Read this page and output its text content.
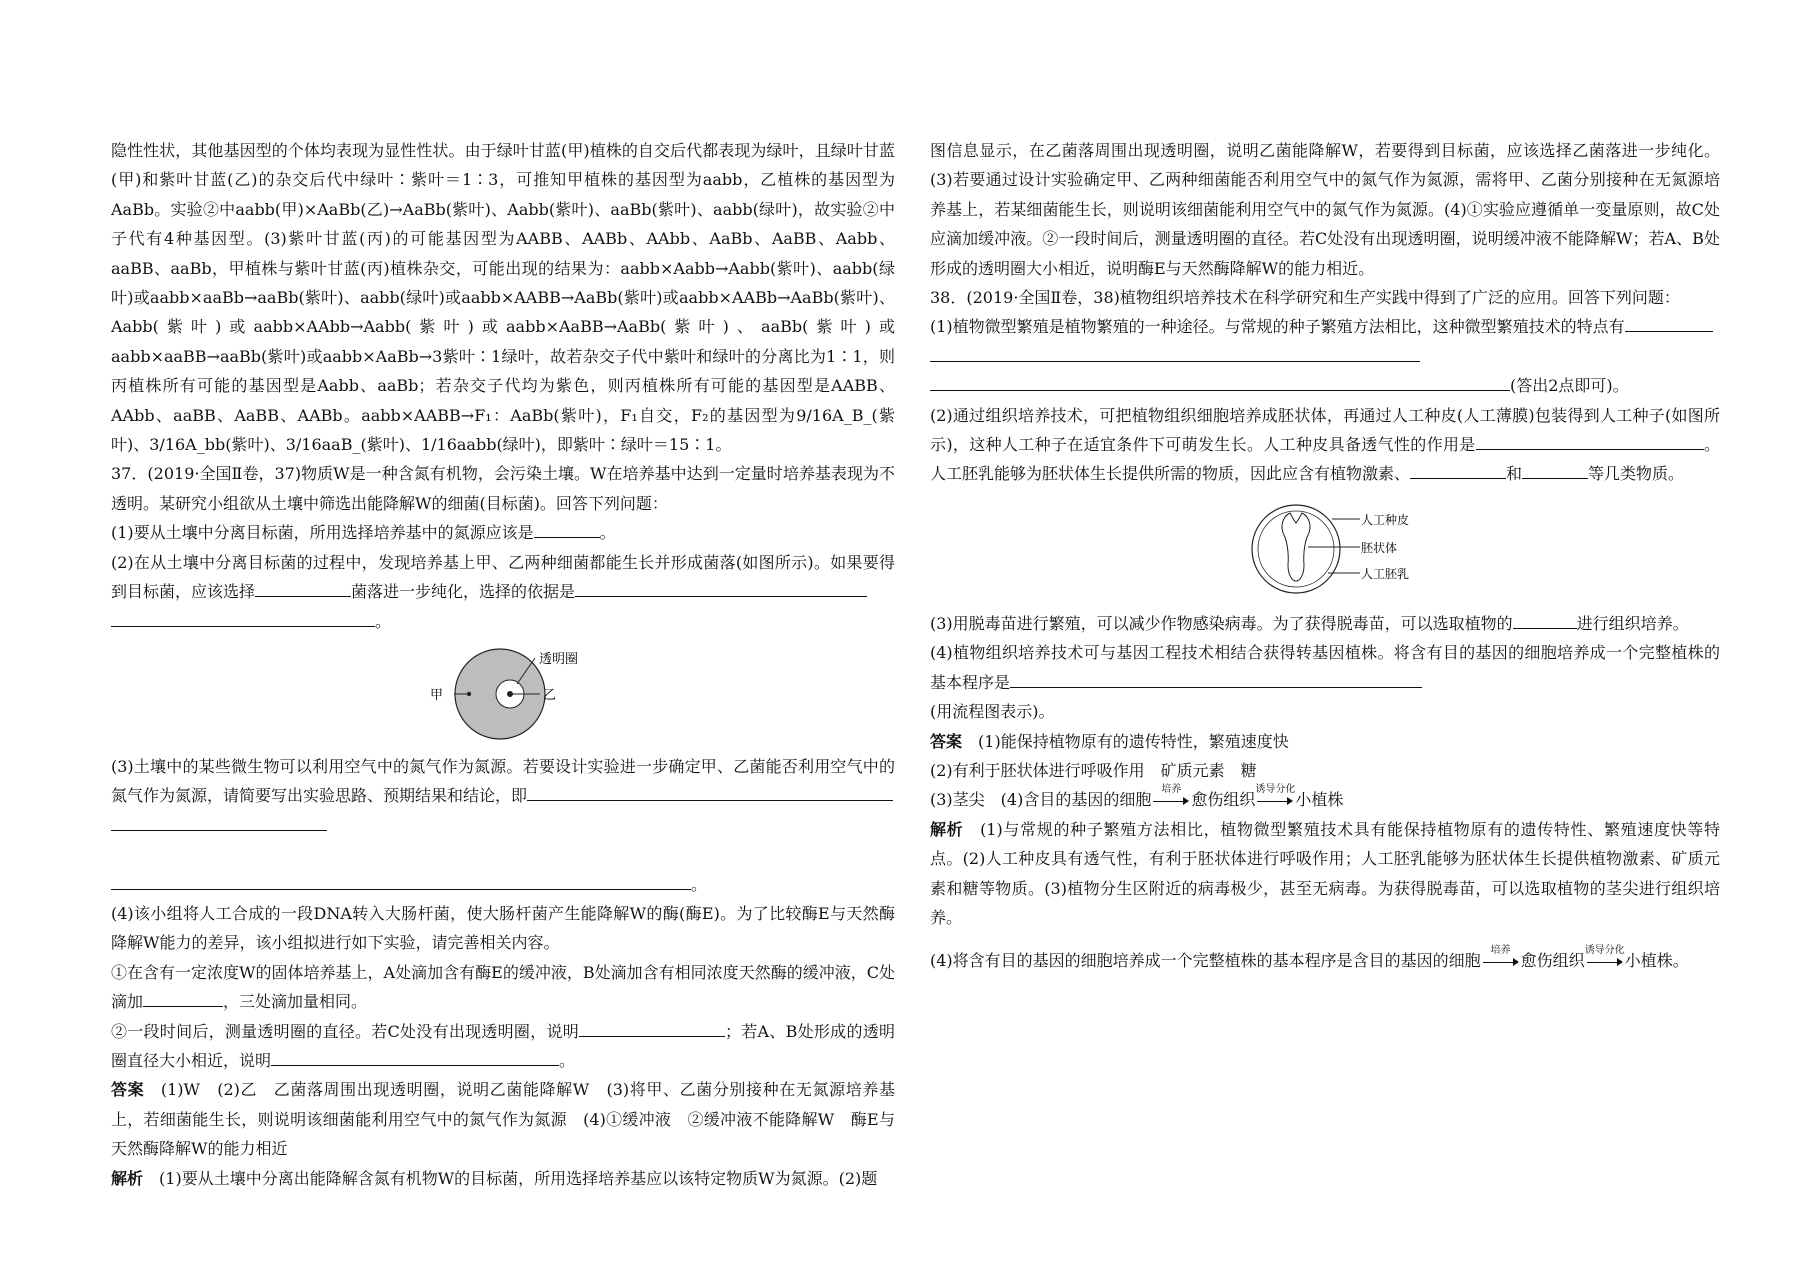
隐性性状，其他基因型的个体均表现为显性性状。由于绿叶甘蓝(甲)植株的自交后代都表现为绿叶，且绿叶甘蓝(甲)和紫叶甘蓝(乙)的杂交后代中绿叶∶紫叶＝1∶3，可推知甲植株的基因型为aabb，乙植株的基因型为AaBb。实验②中aabb(甲)×AaBb(乙)→AaBb(紫叶)、Aabb(紫叶)、aaBb(紫叶)、aabb(绿叶)，故实验②中子代有4种基因型。(3)紫叶甘蓝(丙)的可能基因型为AABB、AABb、AAbb、AaBb、AaBB、Aabb、aaBB、aaBb，甲植株与紫叶甘蓝(丙)植株杂交，可能出现的结果为：aabb×Aabb→Aabb(紫叶)、aabb(绿叶)或aabb×aaBb→aaBb(紫叶)、aabb(绿叶)或aabb×AABB→AaBb(紫叶)或aabb×AABb→AaBb(紫叶)、Aabb(紫叶)或aabb×AAbb→Aabb(紫叶)或aabb×AaBB→AaBb(紫叶)、aaBb(紫叶)或aabb×aaBB→aaBb(紫叶)或aabb×AaBb→3紫叶∶1绿叶，故若杂交子代中紫叶和绿叶的分离比为1∶1，则丙植株所有可能的基因型是Aabb、aaBb；若杂交子代均为紫色，则丙植株所有可能的基因型是AABB、AAbb、aaBB、AaBB、AABb。aabb×AABB→F₁：AaBb(紫叶)，F₁自交，F₂的基因型为9/16A_B_(紫叶)、3/16A_bb(紫叶)、3/16aaB_(紫叶)、1/16aabb(绿叶)，即紫叶∶绿叶＝15∶1。

37．(2019·全国Ⅱ卷，37)物质W是一种含氮有机物，会污染土壤。W在培养基中达到一定量时培养基表现为不透明。某研究小组欲从土壤中筛选出能降解W的细菌(目标菌)。回答下列问题：

(1)要从土壤中分离目标菌，所用选择培养基中的氮源应该是	。

(2)在从土壤中分离目标菌的过程中，发现培养基上甲、乙两种细菌都能生长并形成菌落(如图所示)。如果要得到目标菌，应该选择	菌落进一步纯化，选择的依据是
。

透明圈
甲	乙

(3)土壤中的某些微生物可以利用空气中的氮气作为氮源。若要设计实验进一步确定甲、乙菌能否利用空气中的氮气作为氮源，请简要写出实验思路、预期结果和结论，即

。

(4)该小组将人工合成的一段DNA转入大肠杆菌，使大肠杆菌产生能降解W的酶(酶E)。为了比较酶E与天然酶降解W能力的差异，该小组拟进行如下实验，请完善相关内容。

①在含有一定浓度W的固体培养基上，A处滴加含有酶E的缓冲液，B处滴加含有相同浓度天然酶的缓冲液，C处滴加	，三处滴加量相同。

②一段时间后，测量透明圈的直径。若C处没有出现透明圈，说明	；若A、B处形成的透明圈直径大小相近，说明	。

答案　 (1)W　(2)乙　乙菌落周围出现透明圈，说明乙菌能降解W　(3)将甲、乙菌分别接种在无氮源培养基上，若细菌能生长，则说明该细菌能利用空气中的氮气作为氮源　(4)①缓冲液　②缓冲液不能降解W　酶E与天然酶降解W的能力相近

解析　 (1)要从土壤中分离出能降解含氮有机物W的目标菌，所用选择培养基应以该特定物质W为氮源。(2)题

图信息显示，在乙菌落周围出现透明圈，说明乙菌能降解W，若要得到目标菌，应该选择乙菌落进一步纯化。(3)若要通过设计实验确定甲、乙两种细菌能否利用空气中的氮气作为氮源，需将甲、乙菌分别接种在无氮源培养基上，若某细菌能生长，则说明该细菌能利用空气中的氮气作为氮源。(4)①实验应遵循单一变量原则，故C处应滴加缓冲液。②一段时间后，测量透明圈的直径。若C处没有出现透明圈，说明缓冲液不能降解W；若A、B处形成的透明圈大小相近，说明酶E与天然酶降解W的能力相近。

38．(2019·全国Ⅱ卷，38)植物组织培养技术在科学研究和生产实践中得到了广泛的应用。回答下列问题：

(1)植物微型繁殖是植物繁殖的一种途径。与常规的种子繁殖方法相比，这种微型繁殖技术的特点有

(答出2点即可)。

(2)通过组织培养技术，可把植物组织细胞培养成胚状体，再通过人工种皮(人工薄膜)包装得到人工种子(如图所示)，这种人工种子在适宜条件下可萌发生长。人工种皮具备透气性的作用是	。人工胚乳能够为胚状体生长提供所需的物质，因此应含有植物激素、	和	等几类物质。

人工种皮
胚状体
人工胚乳

(3)用脱毒苗进行繁殖，可以减少作物感染病毒。为了获得脱毒苗，可以选取植物的	进行组织培养。

(4)植物组织培养技术可与基因工程技术相结合获得转基因植株。将含有目的基因的细胞培养成一个完整植株的基本程序是
(用流程图表示)。

答案　 (1)能保持植物原有的遗传特性，繁殖速度快
(2)有利于胚状体进行呼吸作用　矿质元素　糖
(3)茎尖　(4)含目的基因的细胞
培养
愈伤组织
诱导分化
小植株

解析　 (1)与常规的种子繁殖方法相比，植物微型繁殖技术具有能保持植物原有的遗传特性、繁殖速度快等特点。(2)人工种皮具有透气性，有利于胚状体进行呼吸作用；人工胚乳能够为胚状体生长提供植物激素、矿质元素和糖等物质。(3)植物分生区附近的病毒极少，甚至无病毒。为获得脱毒苗，可以选取植物的茎尖进行组织培养。

(4)将含有目的基因的细胞培养成一个完整植株的基本程序是含目的基因的细胞
培养
愈伤组织
诱导分化
小植株。
